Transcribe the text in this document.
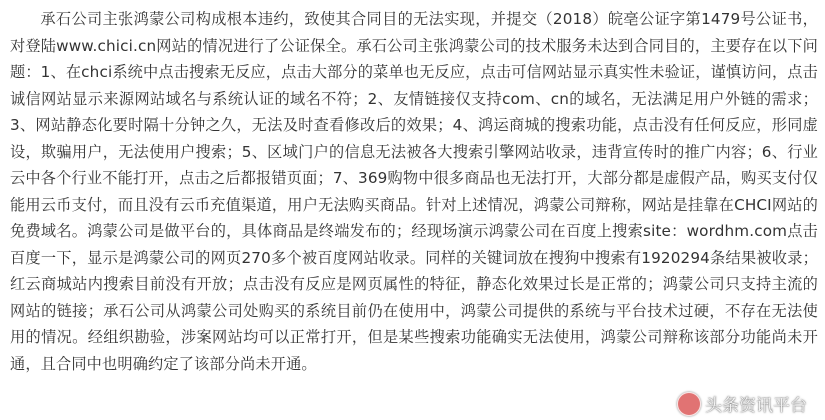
承石公司主张鸿蒙公司构成根本违约，致使其合同目的无法实现，并提交（2018）皖亳公证字第1479号公证书，对登陆www.chici.cn网站的情况进行了公证保全。承石公司主张鸿蒙公司的技术服务未达到合同目的，主要存在以下问题：1、在chci系统中点击搜索无反应，点击大部分的菜单也无反应，点击可信网站显示真实性未验证，谨慎访问，点击诚信网站显示来源网站域名与系统认证的域名不符；2、友情链接仅支持com、cn的域名，无法满足用户外链的需求；3、网站静态化要时隔十分钟之久，无法及时查看修改后的效果；4、鸿运商城的搜索功能，点击没有任何反应，形同虚设，欺骗用户，无法使用户搜索；5、区域门户的信息无法被各大搜索引擎网站收录，违背宣传时的推广内容；6、行业云中各个行业不能打开，点击之后都报错页面；7、369购物中很多商品也无法打开，大部分都是虚假产品，购买支付仅能用云币支付，而且没有云币充值渠道，用户无法购买商品。针对上述情况，鸿蒙公司辩称，网站是挂靠在CHCI网站的免费域名。鸿蒙公司是做平台的，具体商品是终端发布的；经现场演示鸿蒙公司在百度上搜索site：wordhm.com点击百度一下，显示是鸿蒙公司的网页270多个被百度网站收录。同样的关键词放在搜狗中搜索有1920294条结果被收录；红云商城站内搜索目前没有开放；点击没有反应是网页属性的特征，静态化效果过长是正常的；鸿蒙公司只支持主流的网站的链接；承石公司从鸿蒙公司处购买的系统目前仍在使用中，鸿蒙公司提供的系统与平台技术过硬，不存在无法使用的情况。经组织勘验，涉案网站均可以正常打开，但是某些搜索功能确实无法使用，鸿蒙公司辩称该部分功能尚未开通，且合同中也明确约定了该部分尚未开通。

头条资讯平台
